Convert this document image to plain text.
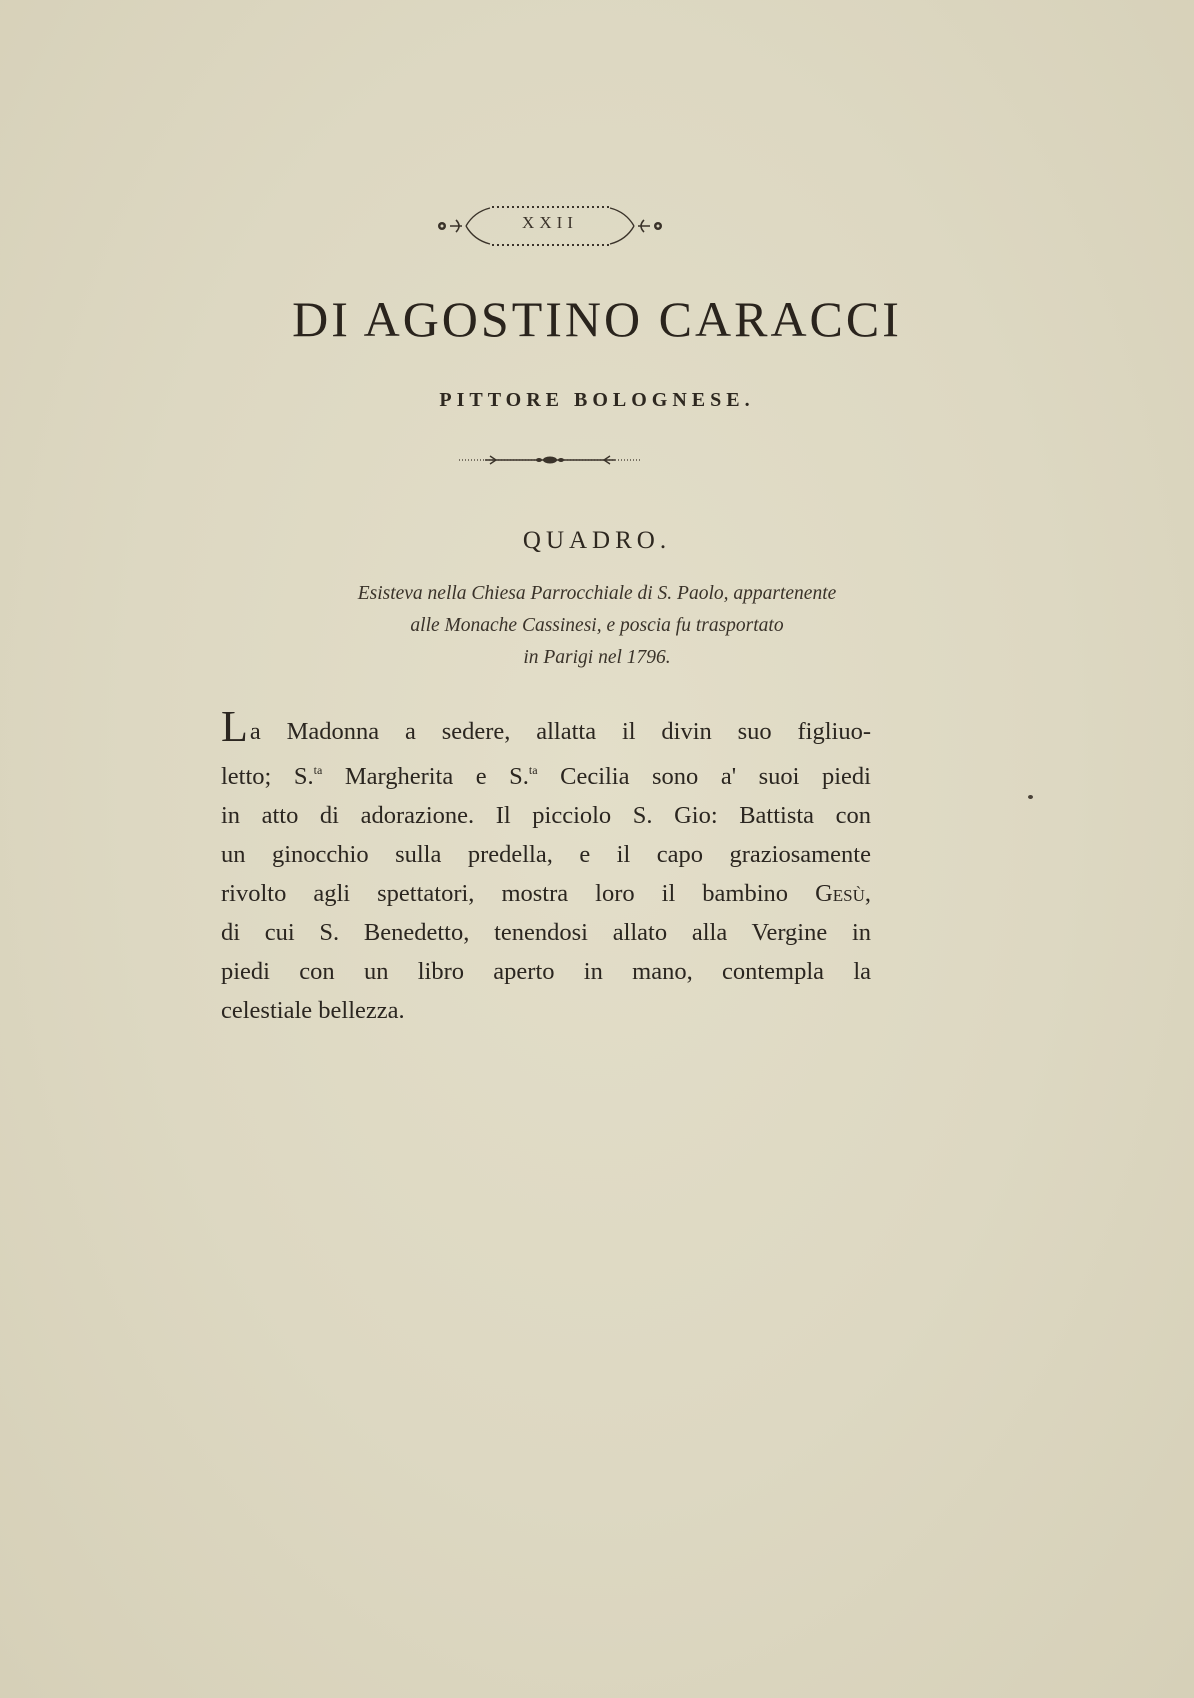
XXII
DI AGOSTINO CARACCI
PITTORE BOLOGNESE.
QUADRO.
Esisteva nella Chiesa Parrocchiale di S. Paolo, appartenente
alle Monache Cassinesi, e poscia fu trasportato
in Parigi nel 1796.
La Madonna a sedere, allatta il divin suo figliuo-
letto; S.$^{ta}$ Margherita e S.$^{ta}$ Cecilia sono a' suoi piedi
in atto di adorazione. Il picciolo S. Gio: Battista con
un ginocchio sulla predella, e il capo graziosamente
rivolto agli spettatori, mostra loro il bambino Gesù,
di cui S. Benedetto, tenendosi allato alla Vergine in
piedi con un libro aperto in mano, contempla la
celestiale bellezza.
